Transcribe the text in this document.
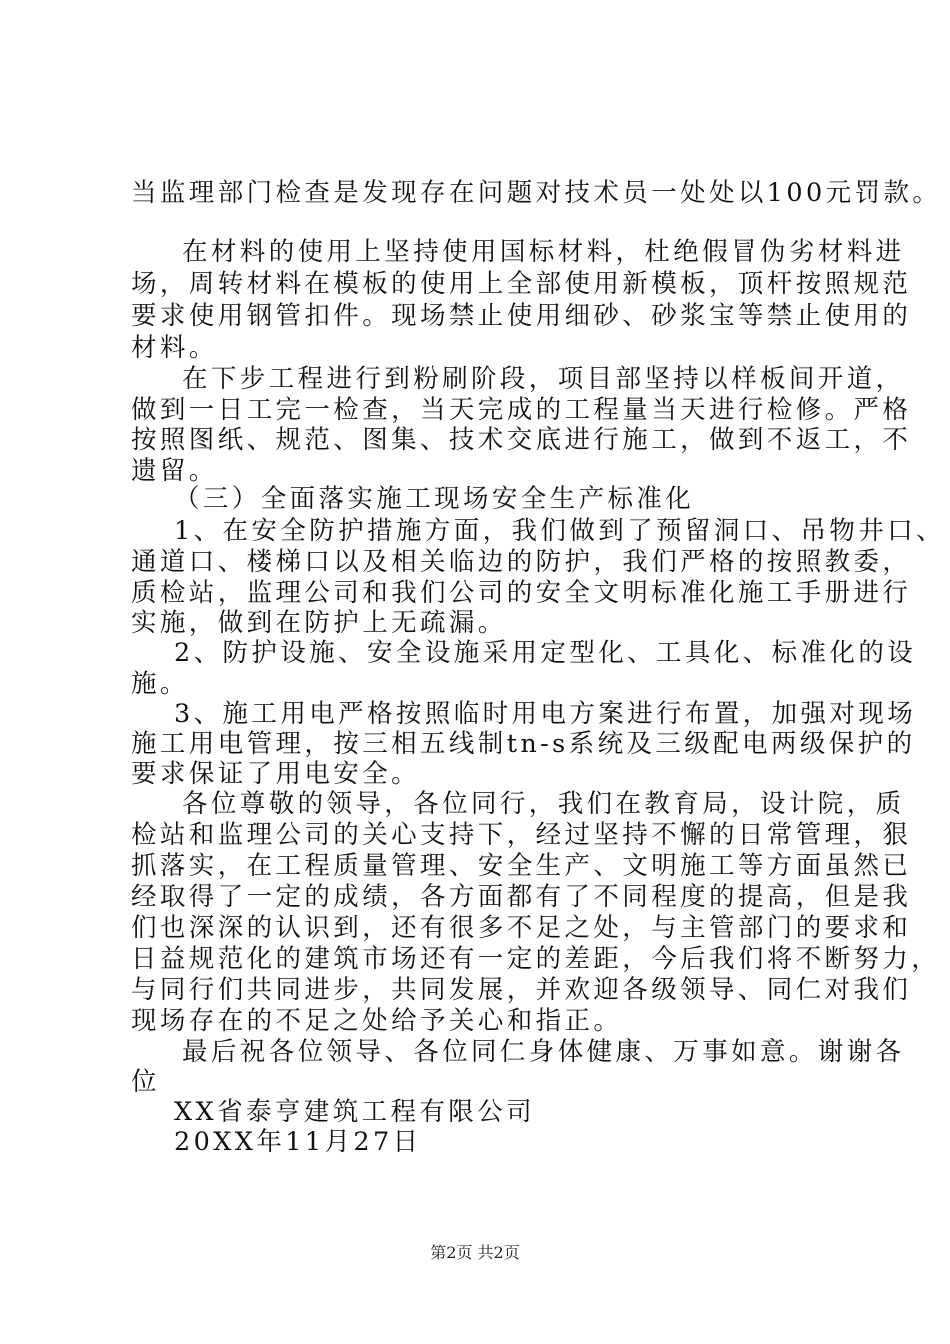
当监理部门检查是发现存在问题对技术员一处处以100元罚款。
在材料的使用上坚持使用国标材料，杜绝假冒伪劣材料进
场，周转材料在模板的使用上全部使用新模板，顶杆按照规范
要求使用钢管扣件。现场禁止使用细砂、砂浆宝等禁止使用的
材料。
在下步工程进行到粉刷阶段，项目部坚持以样板间开道，
做到一日工完一检查，当天完成的工程量当天进行检修。严格
按照图纸、规范、图集、技术交底进行施工，做到不返工，不
遗留。
（三）全面落实施工现场安全生产标准化
1、在安全防护措施方面，我们做到了预留洞口、吊物井口、
通道口、楼梯口以及相关临边的防护，我们严格的按照教委，
质检站，监理公司和我们公司的安全文明标准化施工手册进行
实施，做到在防护上无疏漏。
2、防护设施、安全设施采用定型化、工具化、标准化的设
施。
3、施工用电严格按照临时用电方案进行布置，加强对现场
施工用电管理，按三相五线制tn-s系统及三级配电两级保护的
要求保证了用电安全。
各位尊敬的领导，各位同行，我们在教育局，设计院，质
检站和监理公司的关心支持下，经过坚持不懈的日常管理，狠
抓落实，在工程质量管理、安全生产、文明施工等方面虽然已
经取得了一定的成绩，各方面都有了不同程度的提高，但是我
们也深深的认识到，还有很多不足之处，与主管部门的要求和
日益规范化的建筑市场还有一定的差距，今后我们将不断努力，
与同行们共同进步，共同发展，并欢迎各级领导、同仁对我们
现场存在的不足之处给予关心和指正。
最后祝各位领导、各位同仁身体健康、万事如意。谢谢各
位
XX省泰亨建筑工程有限公司
20XX年11月27日
第2页 共2页
